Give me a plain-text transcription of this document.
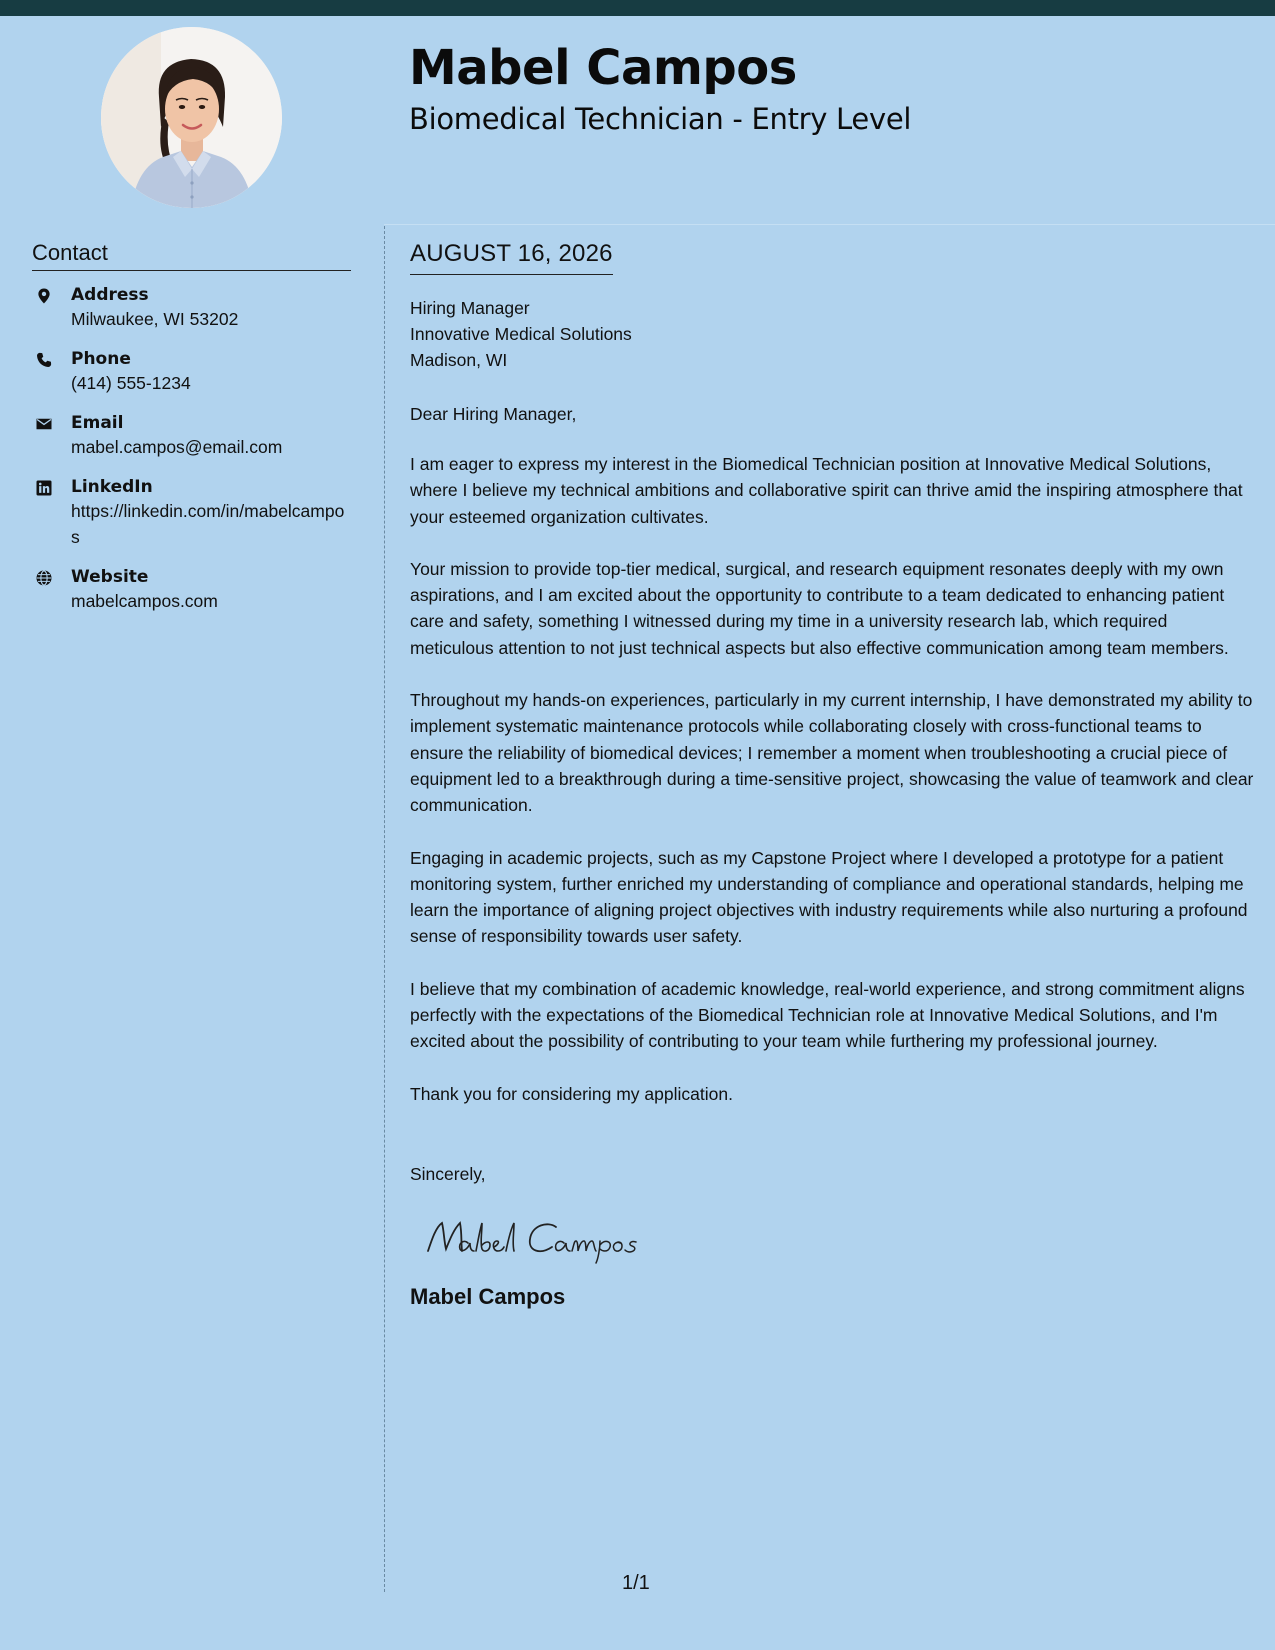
Mabel Campos
Biomedical Technician - Entry Level
Contact
Address
Milwaukee, WI 53202
Phone
(414) 555-1234
Email
mabel.campos@email.com
LinkedIn
https://linkedin.com/in/mabelcampos
Website
mabelcampos.com
AUGUST 16, 2026
Hiring Manager
Innovative Medical Solutions
Madison, WI
Dear Hiring Manager,
I am eager to express my interest in the Biomedical Technician position at Innovative Medical Solutions, where I believe my technical ambitions and collaborative spirit can thrive amid the inspiring atmosphere that your esteemed organization cultivates.
Your mission to provide top-tier medical, surgical, and research equipment resonates deeply with my own aspirations, and I am excited about the opportunity to contribute to a team dedicated to enhancing patient care and safety, something I witnessed during my time in a university research lab, which required meticulous attention to not just technical aspects but also effective communication among team members.
Throughout my hands-on experiences, particularly in my current internship, I have demonstrated my ability to implement systematic maintenance protocols while collaborating closely with cross-functional teams to ensure the reliability of biomedical devices; I remember a moment when troubleshooting a crucial piece of equipment led to a breakthrough during a time-sensitive project, showcasing the value of teamwork and clear communication.
Engaging in academic projects, such as my Capstone Project where I developed a prototype for a patient monitoring system, further enriched my understanding of compliance and operational standards, helping me learn the importance of aligning project objectives with industry requirements while also nurturing a profound sense of responsibility towards user safety.
I believe that my combination of academic knowledge, real-world experience, and strong commitment aligns perfectly with the expectations of the Biomedical Technician role at Innovative Medical Solutions, and I'm excited about the possibility of contributing to your team while furthering my professional journey.
Thank you for considering my application.
Sincerely,
Mabel Campos
1/1
